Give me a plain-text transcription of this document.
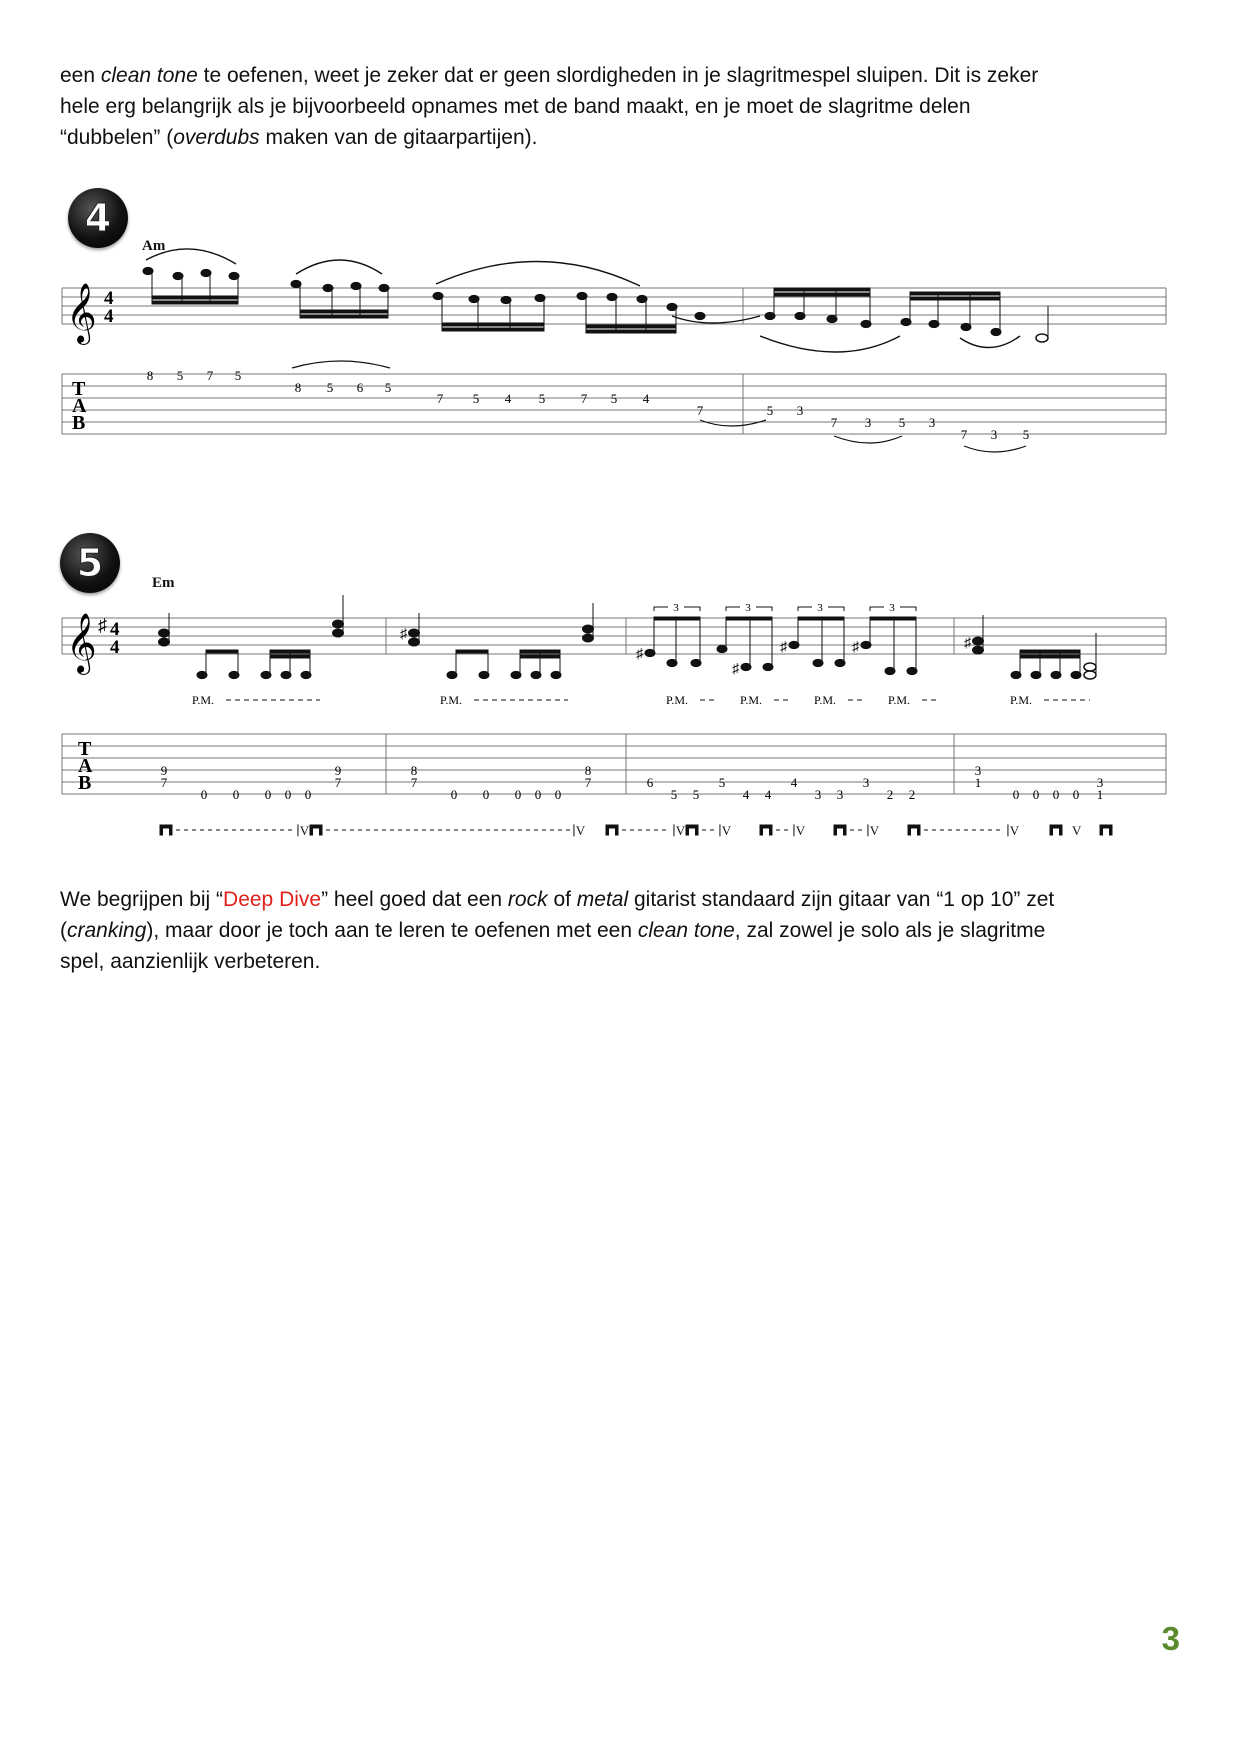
een clean tone te oefenen, weet je zeker dat er geen slordigheden in je slagritmespel sluipen. Dit is zeker

hele erg belangrijk als je bijvoorbeeld opnames met de band maakt, en je moet de slagritme delen

“dubbelen” (overdubs maken van de gitaarpartijen).

4
Am
𝄞 4
4
T
A
B
8 5 7 5
8 5 6 5
7 5 4 5	7 5 4
7	5 3
7 3 5 3
7 3 5
5	Em
𝄞 ♯ 4
4
♯
♯
♯
♯	♯	♯
3	3	3	3
P.M.	P.M.	P.M.	P.M.	P.M.	P.M.	P.M.
T
A
B
9
7
0 0 0 0 0
9
7
8
7
0 0 0 0 0
8
7	6
5 5
5
4 4
4
3 3
3
2 2
3
1
0 0 0 0
3
1
∣V	∣V	∣V	∣V	∣V	∣V	∣V	V

We begrijpen bij “Deep Dive” heel goed dat een rock of metal gitarist standaard zijn gitaar van “1 op 10” zet

(cranking), maar door je toch aan te leren te oefenen met een clean tone, zal zowel je solo als je slagritme

spel, aanzienlijk verbeteren.

3
